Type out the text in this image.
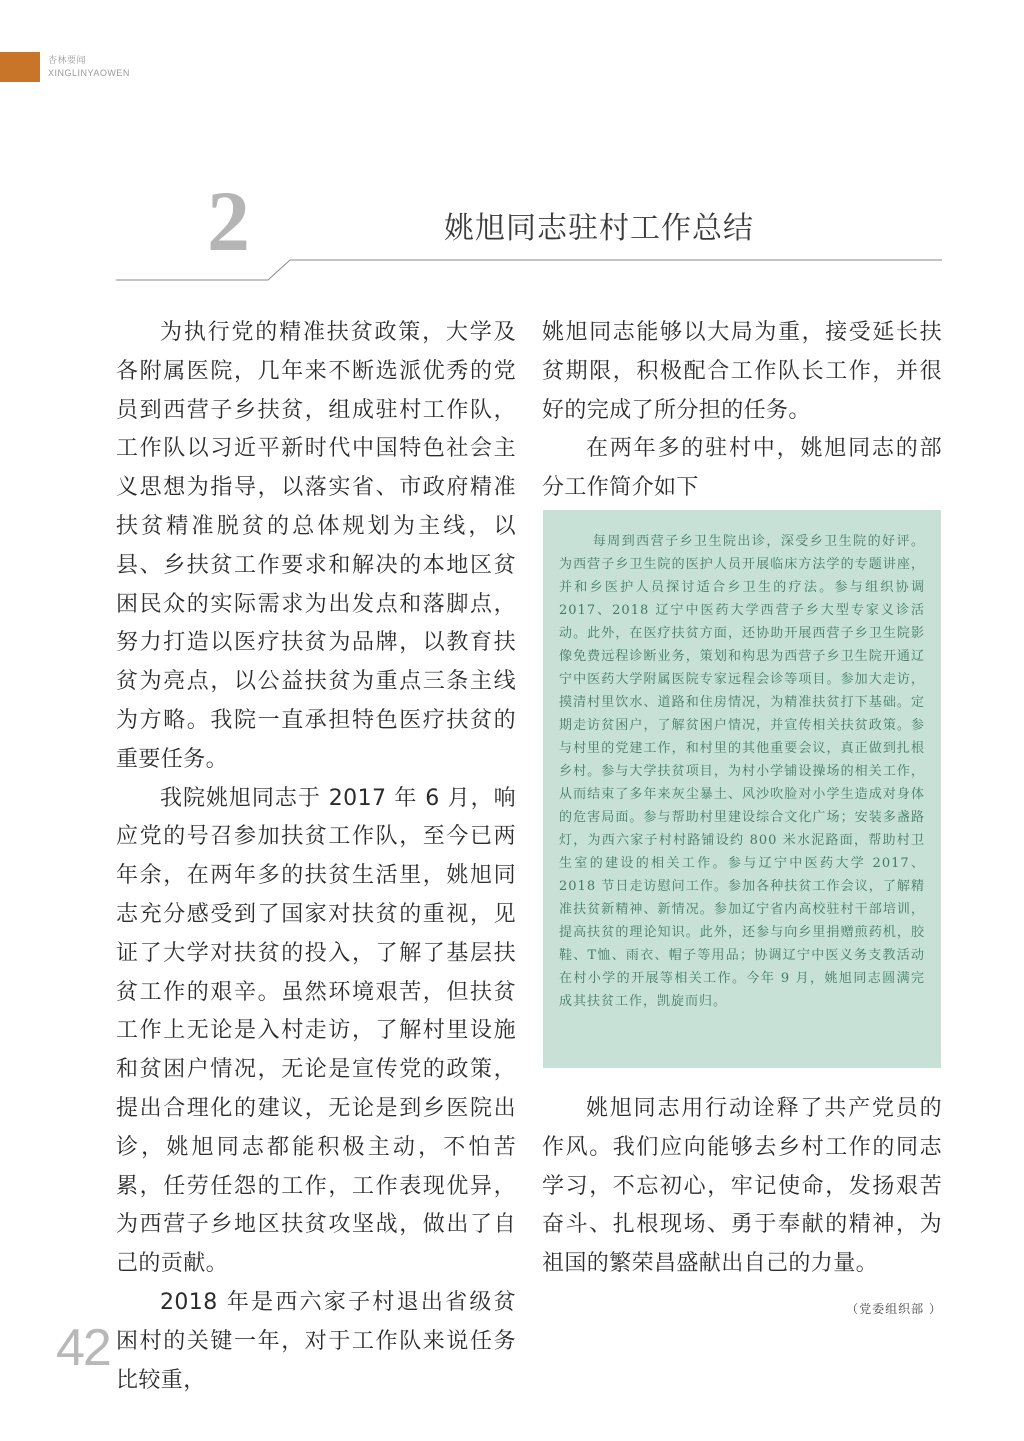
杏林要闻
XINGLINYAOWEN
2	姚旭同志驻村工作总结

为执行党的精准扶贫政策，大学及各附属医院，几年来不断选派优秀的党员到西营子乡扶贫，组成驻村工作队，工作队以习近平新时代中国特色社会主义思想为指导，以落实省、市政府精准扶贫精准脱贫的总体规划为主线，以县、乡扶贫工作要求和解决的本地区贫困民众的实际需求为出发点和落脚点，努力打造以医疗扶贫为品牌，以教育扶贫为亮点，以公益扶贫为重点三条主线为方略。我院一直承担特色医疗扶贫的重要任务。

我院姚旭同志于 2017 年 6 月，响应党的号召参加扶贫工作队，至今已两年余，在两年多的扶贫生活里，姚旭同志充分感受到了国家对扶贫的重视，见证了大学对扶贫的投入，了解了基层扶贫工作的艰辛。虽然环境艰苦，但扶贫工作上无论是入村走访，了解村里设施和贫困户情况，无论是宣传党的政策，提出合理化的建议，无论是到乡医院出诊，姚旭同志都能积极主动，不怕苦累，任劳任怨的工作，工作表现优异，为西营子乡地区扶贫攻坚战，做出了自己的贡献。

2018 年是西六家子村退出省级贫困村的关键一年，对于工作队来说任务比较重，

姚旭同志能够以大局为重，接受延长扶贫期限，积极配合工作队长工作，并很好的完成了所分担的任务。

在两年多的驻村中，姚旭同志的部分工作简介如下

每周到西营子乡卫生院出诊，深受乡卫生院的好评。为西营子乡卫生院的医护人员开展临床方法学的专题讲座，并和乡医护人员探讨适合乡卫生的疗法。参与组织协调 2017、2018 辽宁中医药大学西营子乡大型专家义诊活动。此外，在医疗扶贫方面，还协助开展西营子乡卫生院影像免费远程诊断业务，策划和构思为西营子乡卫生院开通辽宁中医药大学附属医院专家远程会诊等项目。参加大走访，摸清村里饮水、道路和住房情况，为精准扶贫打下基础。定期走访贫困户，了解贫困户情况，并宣传相关扶贫政策。参与村里的党建工作，和村里的其他重要会议，真正做到扎根乡村。参与大学扶贫项目，为村小学铺设操场的相关工作，从而结束了多年来灰尘暴土、风沙吹脸对小学生造成对身体的危害局面。参与帮助村里建设综合文化广场；安装多盏路灯，为西六家子村村路铺设约 800 米水泥路面，帮助村卫生室的建设的相关工作。参与辽宁中医药大学 2017、2018 节日走访慰问工作。参加各种扶贫工作会议，了解精准扶贫新精神、新情况。参加辽宁省内高校驻村干部培训，提高扶贫的理论知识。此外，还参与向乡里捐赠煎药机，胶鞋、T恤、雨衣、帽子等用品；协调辽宁中医义务支教活动在村小学的开展等相关工作。今年 9 月，姚旭同志圆满完成其扶贫工作，凯旋而归。

姚旭同志用行动诠释了共产党员的作风。我们应向能够去乡村工作的同志学习，不忘初心，牢记使命，发扬艰苦奋斗、扎根现场、勇于奉献的精神，为祖国的繁荣昌盛献出自己的力量。
（党委组织部 ）

42
